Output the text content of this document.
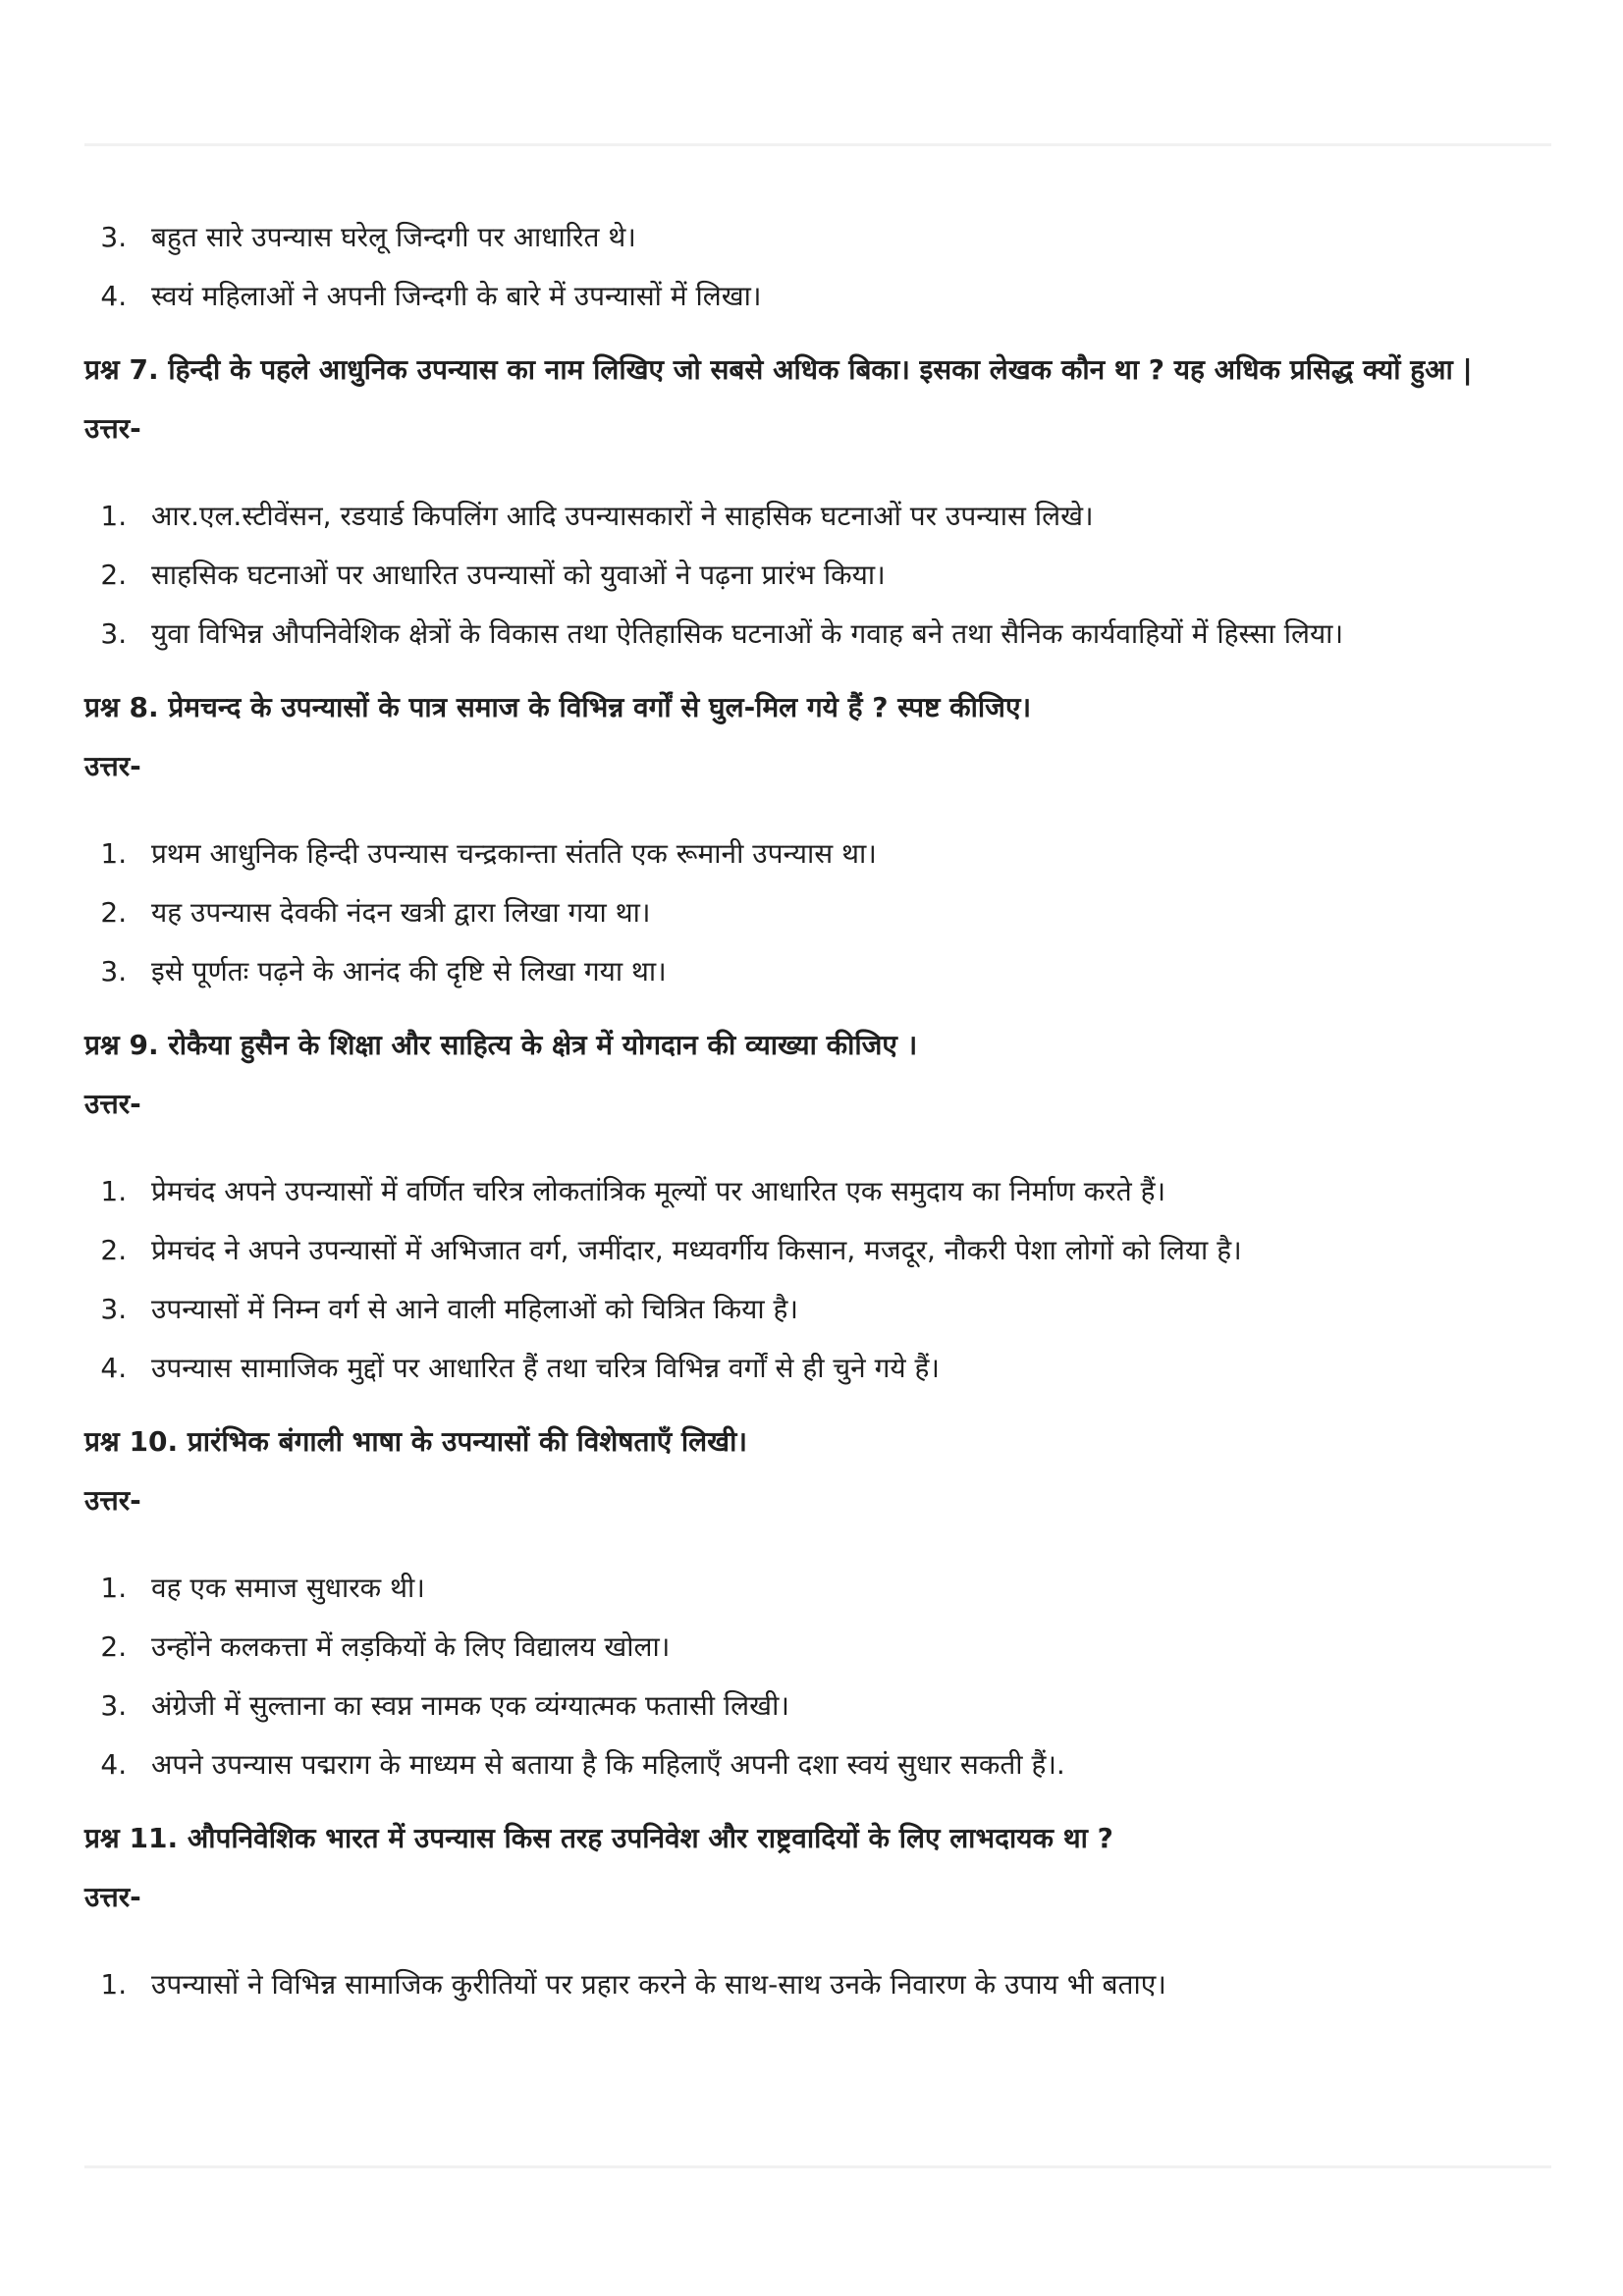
3. बहुत सारे उपन्यास घरेलू जिन्दगी पर आधारित थे।
4. स्वयं महिलाओं ने अपनी जिन्दगी के बारे में उपन्यासों में लिखा।
प्रश्न 7. हिन्दी के पहले आधुनिक उपन्यास का नाम लिखिए जो सबसे अधिक बिका। इसका लेखक कौन था ? यह अधिक प्रसिद्ध क्यों हुआ |
उत्तर-
1. आर.एल.स्टीवेंसन, रडयार्ड किपलिंग आदि उपन्यासकारों ने साहसिक घटनाओं पर उपन्यास लिखे।
2. साहसिक घटनाओं पर आधारित उपन्यासों को युवाओं ने पढ़ना प्रारंभ किया।
3. युवा विभिन्न औपनिवेशिक क्षेत्रों के विकास तथा ऐतिहासिक घटनाओं के गवाह बने तथा सैनिक कार्यवाहियों में हिस्सा लिया।
प्रश्न 8. प्रेमचन्द के उपन्यासों के पात्र समाज के विभिन्न वर्गों से घुल-मिल गये हैं ? स्पष्ट कीजिए।
उत्तर-
1. प्रथम आधुनिक हिन्दी उपन्यास चन्द्रकान्ता संतति एक रूमानी उपन्यास था।
2. यह उपन्यास देवकी नंदन खत्री द्वारा लिखा गया था।
3. इसे पूर्णतः पढ़ने के आनंद की दृष्टि से लिखा गया था।
प्रश्न 9. रोकैया हुसैन के शिक्षा और साहित्य के क्षेत्र में योगदान की व्याख्या कीजिए ।
उत्तर-
1. प्रेमचंद अपने उपन्यासों में वर्णित चरित्र लोकतांत्रिक मूल्यों पर आधारित एक समुदाय का निर्माण करते हैं।
2. प्रेमचंद ने अपने उपन्यासों में अभिजात वर्ग, जमींदार, मध्यवर्गीय किसान, मजदूर, नौकरी पेशा लोगों को लिया है।
3. उपन्यासों में निम्न वर्ग से आने वाली महिलाओं को चित्रित किया है।
4. उपन्यास सामाजिक मुद्दों पर आधारित हैं तथा चरित्र विभिन्न वर्गों से ही चुने गये हैं।
प्रश्न 10. प्रारंभिक बंगाली भाषा के उपन्यासों की विशेषताएँ लिखी।
उत्तर-
1. वह एक समाज सुधारक थी।
2. उन्होंने कलकत्ता में लड़कियों के लिए विद्यालय खोला।
3. अंग्रेजी में सुल्ताना का स्वप्न नामक एक व्यंग्यात्मक फतासी लिखी।
4. अपने उपन्यास पद्मराग के माध्यम से बताया है कि महिलाएँ अपनी दशा स्वयं सुधार सकती हैं।.
प्रश्न 11. औपनिवेशिक भारत में उपन्यास किस तरह उपनिवेश और राष्ट्रवादियों के लिए लाभदायक था ?
उत्तर-
1. उपन्यासों ने विभिन्न सामाजिक कुरीतियों पर प्रहार करने के साथ-साथ उनके निवारण के उपाय भी बताए।
